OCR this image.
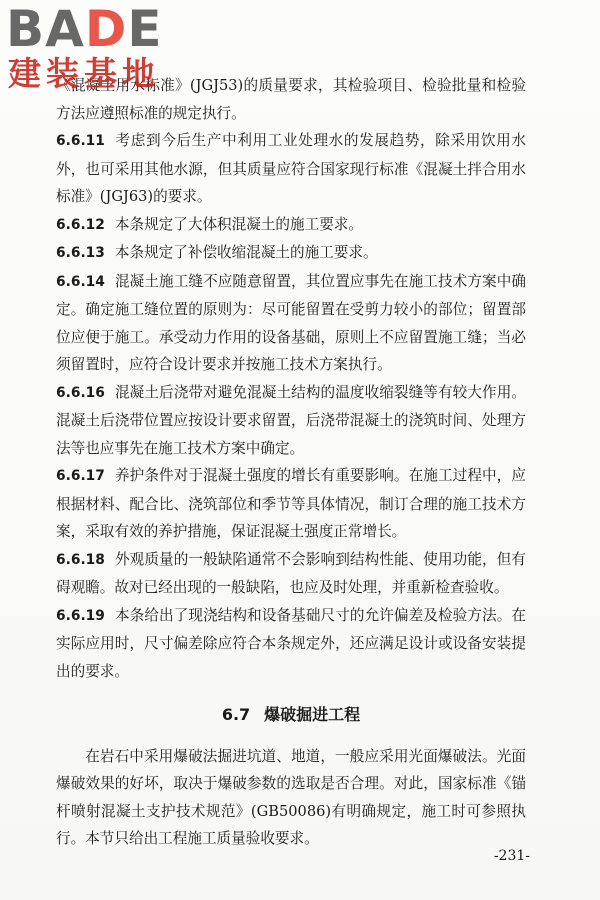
BADE
建装基地

《混凝土用水标准》(JGJ53)的质量要求，其检验项目、检验批量和检验方法应遵照标准的规定执行。

6.6.11 考虑到今后生产中利用工业处理水的发展趋势，除采用饮用水外，也可采用其他水源，但其质量应符合国家现行标准《混凝土拌合用水标准》(JGJ63)的要求。

6.6.12 本条规定了大体积混凝土的施工要求。

6.6.13 本条规定了补偿收缩混凝土的施工要求。

6.6.14 混凝土施工缝不应随意留置，其位置应事先在施工技术方案中确定。确定施工缝位置的原则为：尽可能留置在受剪力较小的部位；留置部位应便于施工。承受动力作用的设备基础，原则上不应留置施工缝；当必须留置时，应符合设计要求并按施工技术方案执行。

6.6.16 混凝土后浇带对避免混凝土结构的温度收缩裂缝等有较大作用。混凝土后浇带位置应按设计要求留置，后浇带混凝土的浇筑时间、处理方法等也应事先在施工技术方案中确定。

6.6.17 养护条件对于混凝土强度的增长有重要影响。在施工过程中，应根据材料、配合比、浇筑部位和季节等具体情况，制订合理的施工技术方案，采取有效的养护措施，保证混凝土强度正常增长。

6.6.18 外观质量的一般缺陷通常不会影响到结构性能、使用功能，但有碍观瞻。故对已经出现的一般缺陷，也应及时处理，并重新检查验收。

6.6.19 本条给出了现浇结构和设备基础尺寸的允许偏差及检验方法。在实际应用时，尺寸偏差除应符合本条规定外，还应满足设计或设备安装提出的要求。

6.7 爆破掘进工程

在岩石中采用爆破法掘进坑道、地道，一般应采用光面爆破法。光面爆破效果的好坏，取决于爆破参数的选取是否合理。对此，国家标准《锚杆喷射混凝土支护技术规范》(GB50086)有明确规定，施工时可参照执行。本节只给出工程施工质量验收要求。

-231-
